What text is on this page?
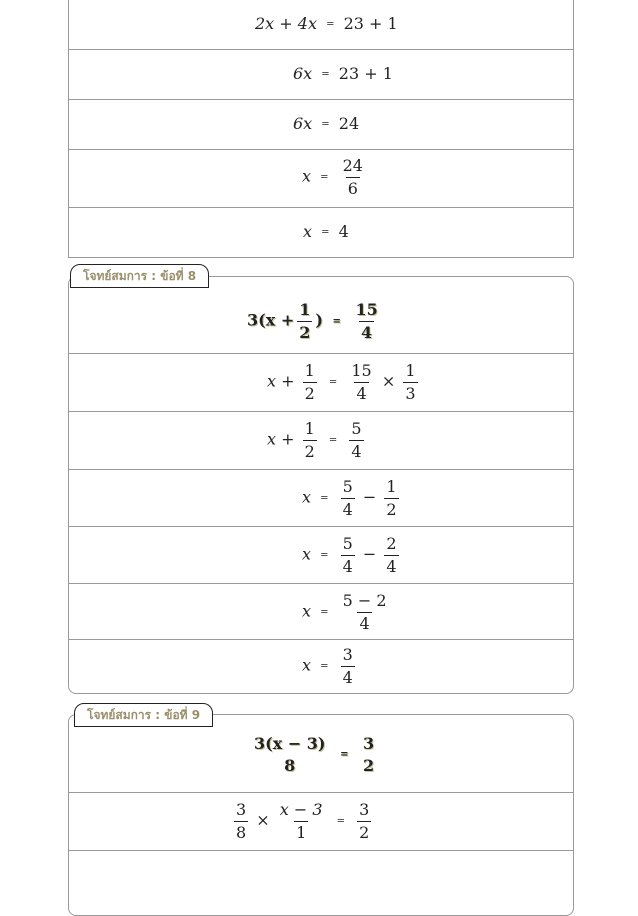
2x + 4x = 23 + 1
6x = 23 + 1
6x = 24
$x = \frac{24}{6}$
x = 4
$3(x + \frac{1}{2}$ ) = $\frac{15}{4}$
$x + \frac{1}{2} = \frac{15}{4} \times \frac{1}{3}$
$x + \frac{1}{2} = \frac{5}{4}$
$x = \frac{5}{4} - \frac{1}{2}$
$x = \frac{5}{4} - \frac{2}{4}$
$x = \frac{5 - 2}{4}$
$x = \frac{3}{4}$
โจทย์สมการ : ข้อที่ 8
3(x − 3)
8
=
3
2
$\frac{3}{8} \times \frac{x - 3}{1} = \frac{3}{2}$
โจทย์สมการ : ข้อที่ 9
